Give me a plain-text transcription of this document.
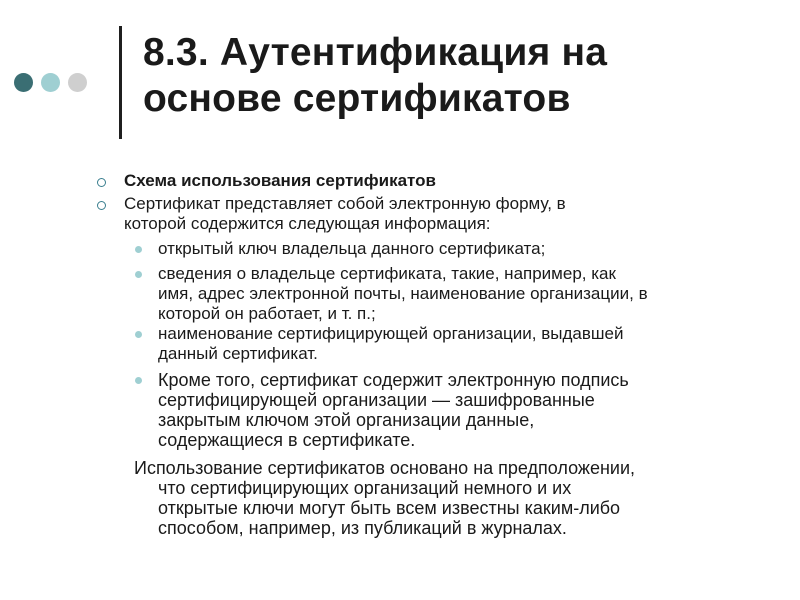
8.3. Аутентификация на
основе сертификатов
Схема использования сертификатов
Сертификат представляет собой электронную форму, в
которой содержится следующая информация:
открытый ключ владельца данного сертификата;
сведения о владельце сертификата, такие, например, как
имя, адрес электронной почты, наименование организации, в
которой он работает, и т. п.;
наименование сертифицирующей организации, выдавшей
данный сертификат.
Кроме того, сертификат содержит электронную подпись
сертифицирующей организации — зашифрованные
закрытым ключом этой организации данные,
содержащиеся в сертификате.
Использование сертификатов основано на предположении,
что сертифицирующих организаций немного и их
открытые ключи могут быть всем известны каким-либо
способом, например, из публикаций в журналах.
